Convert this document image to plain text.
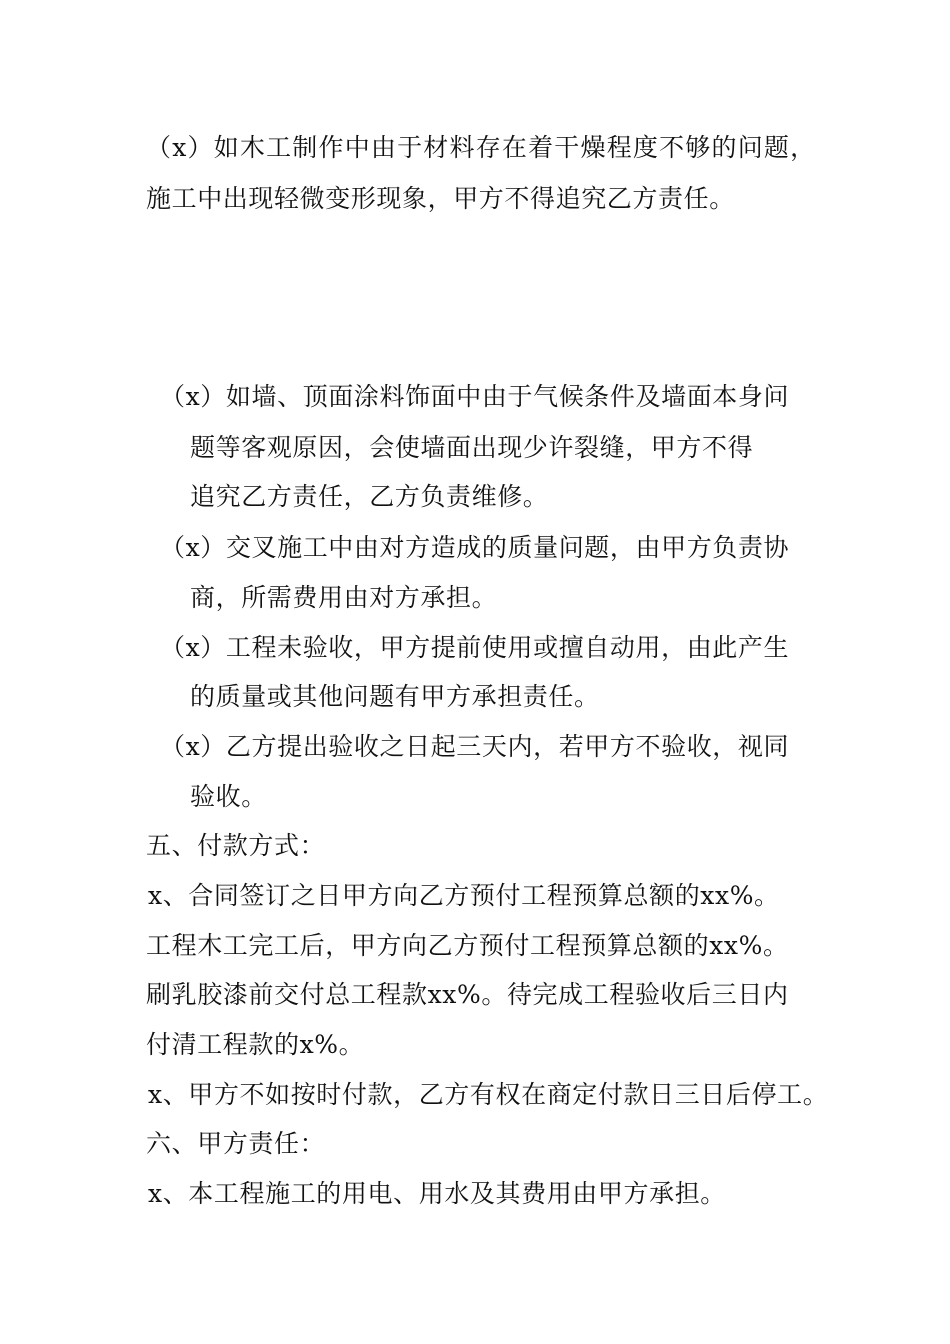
（x）如木工制作中由于材料存在着干燥程度不够的问题，
施工中出现轻微变形现象，甲方不得追究乙方责任。
（x）如墙、顶面涂料饰面中由于气候条件及墙面本身问
题等客观原因，会使墙面出现少许裂缝，甲方不得
追究乙方责任，乙方负责维修。
（x）交叉施工中由对方造成的质量问题，由甲方负责协
商，所需费用由对方承担。
（x）工程未验收，甲方提前使用或擅自动用，由此产生
的质量或其他问题有甲方承担责任。
（x）乙方提出验收之日起三天内，若甲方不验收，视同
验收。
五、付款方式：
x、合同签订之日甲方向乙方预付工程预算总额的xx%。
工程木工完工后，甲方向乙方预付工程预算总额的xx%。
刷乳胶漆前交付总工程款xx%。待完成工程验收后三日内
付清工程款的x%。
x、甲方不如按时付款，乙方有权在商定付款日三日后停工。
六、甲方责任：
x、本工程施工的用电、用水及其费用由甲方承担。
